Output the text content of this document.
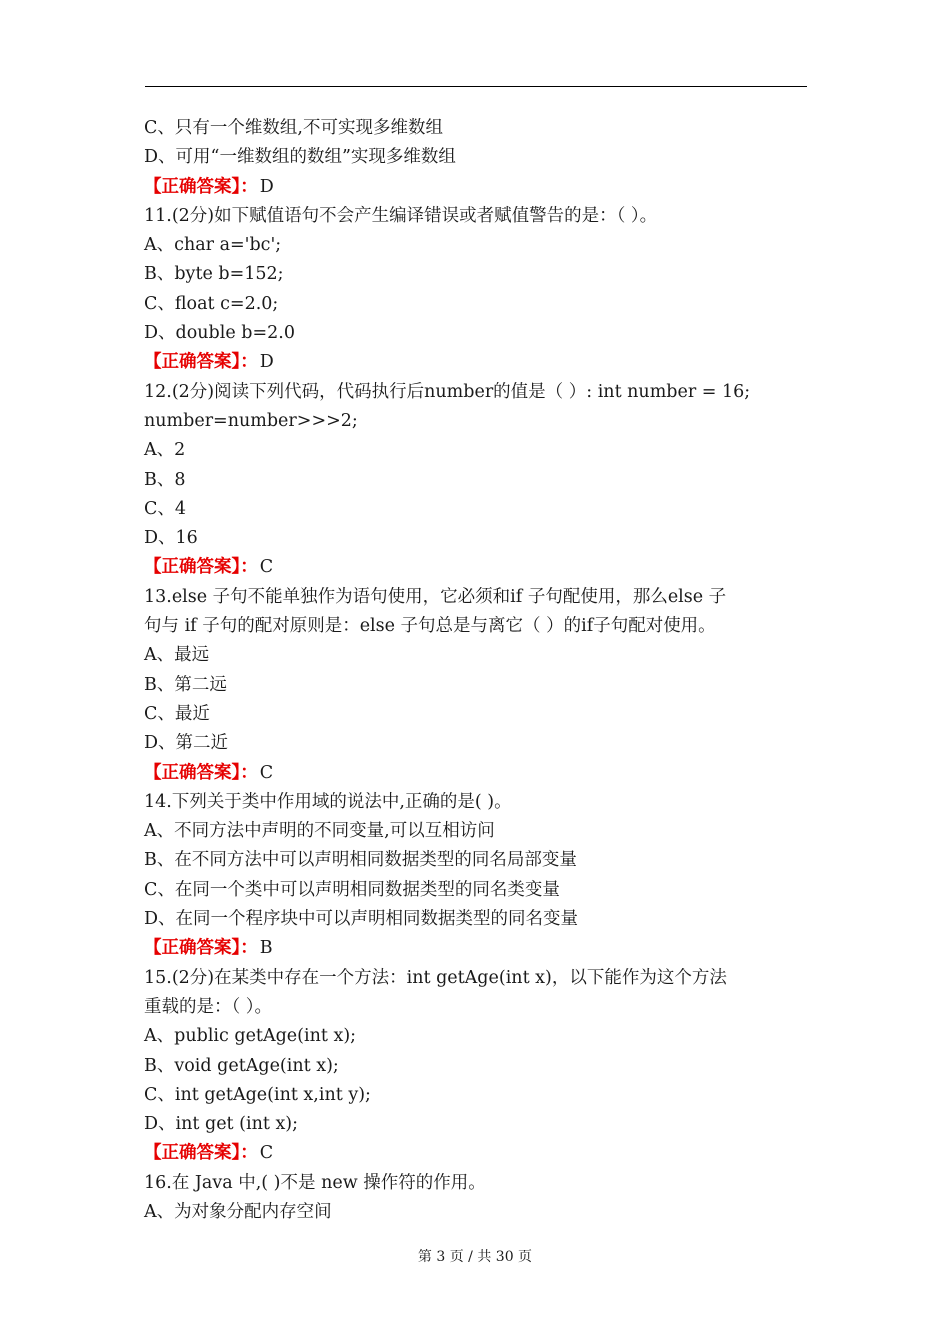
C、只有一个维数组,不可实现多维数组
D、可用“一维数组的数组”实现多维数组
【正确答案】： D
11.(2分)如下赋值语句不会产生编译错误或者赋值警告的是：（ ）。
A、char a='bc';
B、byte b=152;
C、float c=2.0;
D、double b=2.0
【正确答案】： D
12.(2分)阅读下列代码，代码执行后number的值是（ ）: int number = 16;
number=number>>>2;
A、2
B、8
C、4
D、16
【正确答案】： C
13.else 子句不能单独作为语句使用，它必须和if 子句配使用，那么else 子
句与 if 子句的配对原则是：else 子句总是与离它（ ）的if子句配对使用。
A、最远
B、第二远
C、最近
D、第二近
【正确答案】： C
14.下列关于类中作用域的说法中,正确的是( )。
A、不同方法中声明的不同变量,可以互相访问
B、在不同方法中可以声明相同数据类型的同名局部变量
C、在同一个类中可以声明相同数据类型的同名类变量
D、在同一个程序块中可以声明相同数据类型的同名变量
【正确答案】： B
15.(2分)在某类中存在一个方法：int getAge(int x)，以下能作为这个方法
重载的是：（ ）。
A、public getAge(int x);
B、void getAge(int x);
C、int getAge(int x,int y);
D、int get (int x);
【正确答案】： C
16.在 Java 中,( )不是 new 操作符的作用。
A、为对象分配内存空间
第 3 页 / 共 30 页
